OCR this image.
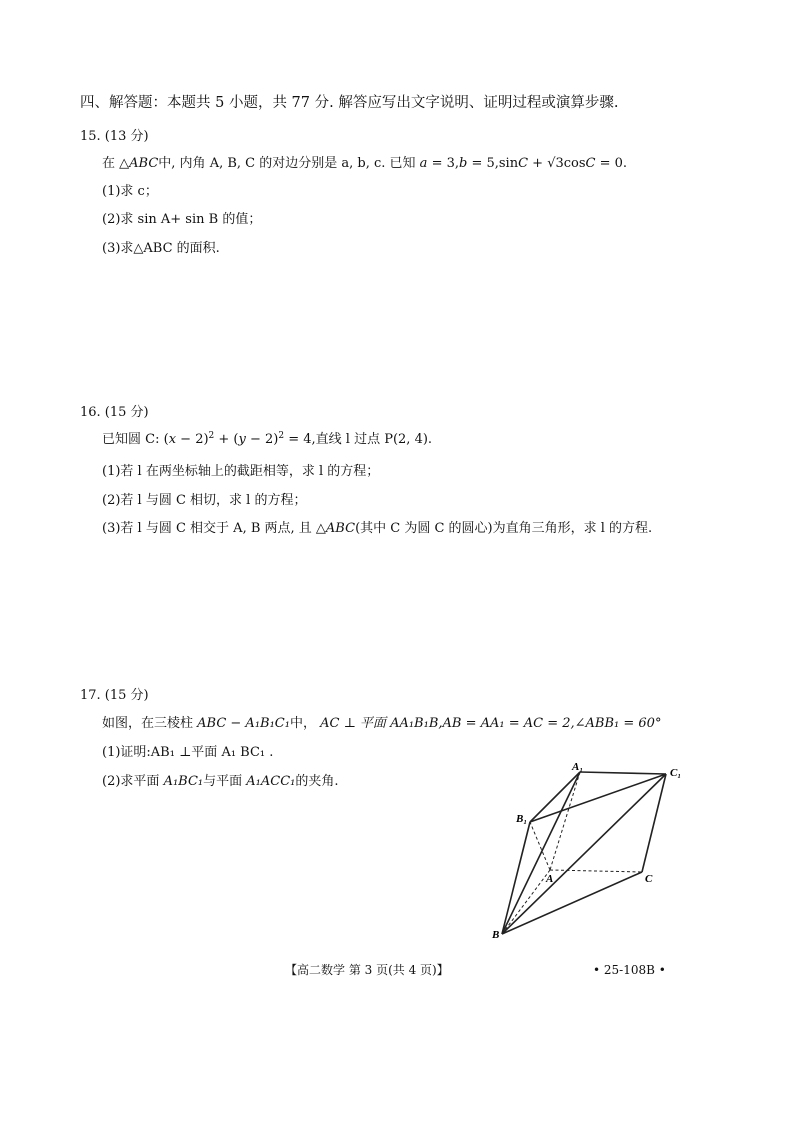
四、解答题：本题共 5 小题，共 77 分. 解答应写出文字说明、证明过程或演算步骤.
15. (13 分)
在 △ABC中, 内角 A, B, C 的对边分别是 a, b, c. 已知 a = 3,b = 5,sinC + √3cosC = 0.
(1)求 c；
(2)求 sin A+ sin B 的值；
(3)求△ABC 的面积.
16. (15 分)
已知圆 C: $(x - 2)^2 + (y - 2)^2 = 4$,直线 l 过点 P(2, 4).
(1)若 l 在两坐标轴上的截距相等，求 l 的方程；
(2)若 l 与圆 C 相切，求 l 的方程；
(3)若 l 与圆 C 相交于 A, B 两点, 且 △ABC(其中 C 为圆 C 的圆心)为直角三角形，求 l 的方程.
17. (15 分)
如图，在三棱柱 ABC − A₁B₁C₁中， AC ⊥ 平面 AA₁B₁B,AB = AA₁ = AC = 2,∠ABB₁ = 60°
(1)证明:AB₁ ⊥平面 A₁ BC₁ .
(2)求平面 A₁BC₁与平面 A₁ACC₁的夹角.
A₁	C₁
B₁
A	C
B
【高二数学 第 3 页(共 4 页)】	• 25-108B •
